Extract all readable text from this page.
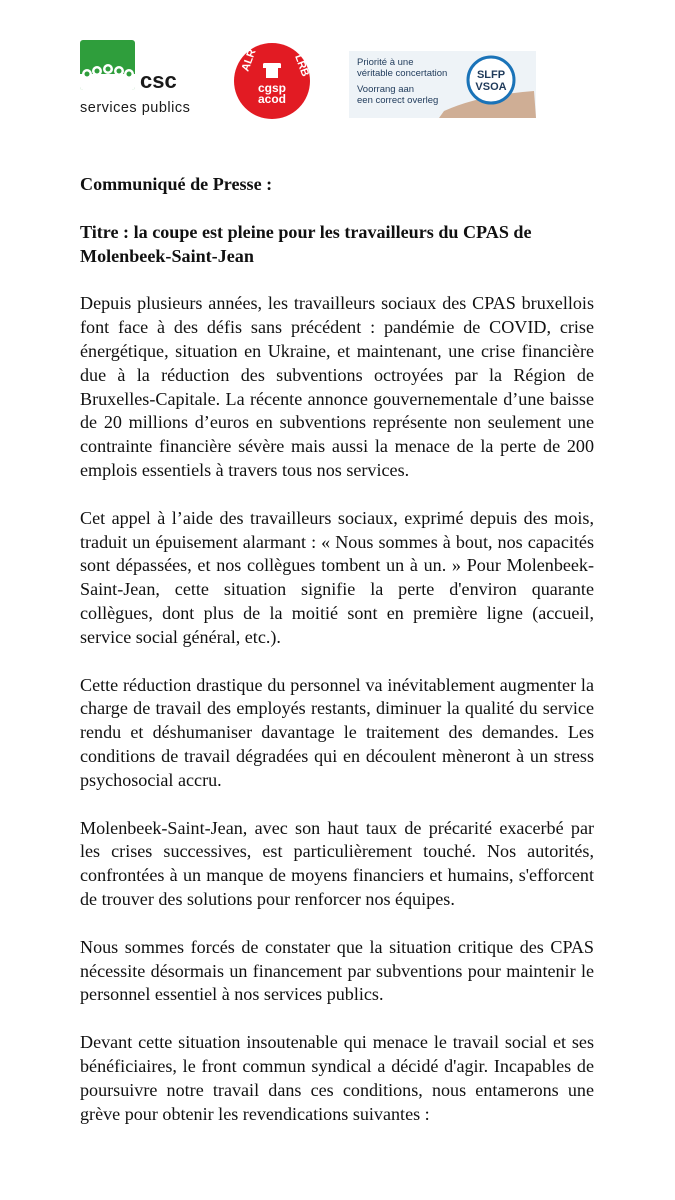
csc
services publics
ALR	LRB
cgsp
acod
SLFP
VSOA
Priorité à une
véritable concertation
Voorrang aan
een correct overleg

Communiqué de Presse :

Titre : la coupe est pleine pour les travailleurs du CPAS de Molenbeek-Saint-Jean

Depuis plusieurs années, les travailleurs sociaux des CPAS bruxellois font face à des défis sans précédent : pandémie de COVID, crise énergétique, situation en Ukraine, et maintenant, une crise financière due à la réduction des subventions octroyées par la Région de Bruxelles-Capitale. La récente annonce gouvernementale d’une baisse de 20 millions d’euros en subventions représente non seulement une contrainte financière sévère mais aussi la menace de la perte de 200 emplois essentiels à travers tous nos services.

Cet appel à l’aide des travailleurs sociaux, exprimé depuis des mois, traduit un épuisement alarmant : « Nous sommes à bout, nos capacités sont dépassées, et nos collègues tombent un à un. » Pour Molenbeek-Saint-Jean, cette situation signifie la perte d'environ quarante collègues, dont plus de la moitié sont en première ligne (accueil, service social général, etc.).

Cette réduction drastique du personnel va inévitablement augmenter la charge de travail des employés restants, diminuer la qualité du service rendu et déshumaniser davantage le traitement des demandes. Les conditions de travail dégradées qui en découlent mèneront à un stress psychosocial accru.

Molenbeek-Saint-Jean, avec son haut taux de précarité exacerbé par les crises successives, est particulièrement touché. Nos autorités, confrontées à un manque de moyens financiers et humains, s'efforcent de trouver des solutions pour renforcer nos équipes.

Nous sommes forcés de constater que la situation critique des CPAS nécessite désormais un financement par subventions pour maintenir le personnel essentiel à nos services publics.

Devant cette situation insoutenable qui menace le travail social et ses bénéficiaires, le front commun syndical a décidé d'agir. Incapables de poursuivre notre travail dans ces conditions, nous entamerons une grève pour obtenir les revendications suivantes :
